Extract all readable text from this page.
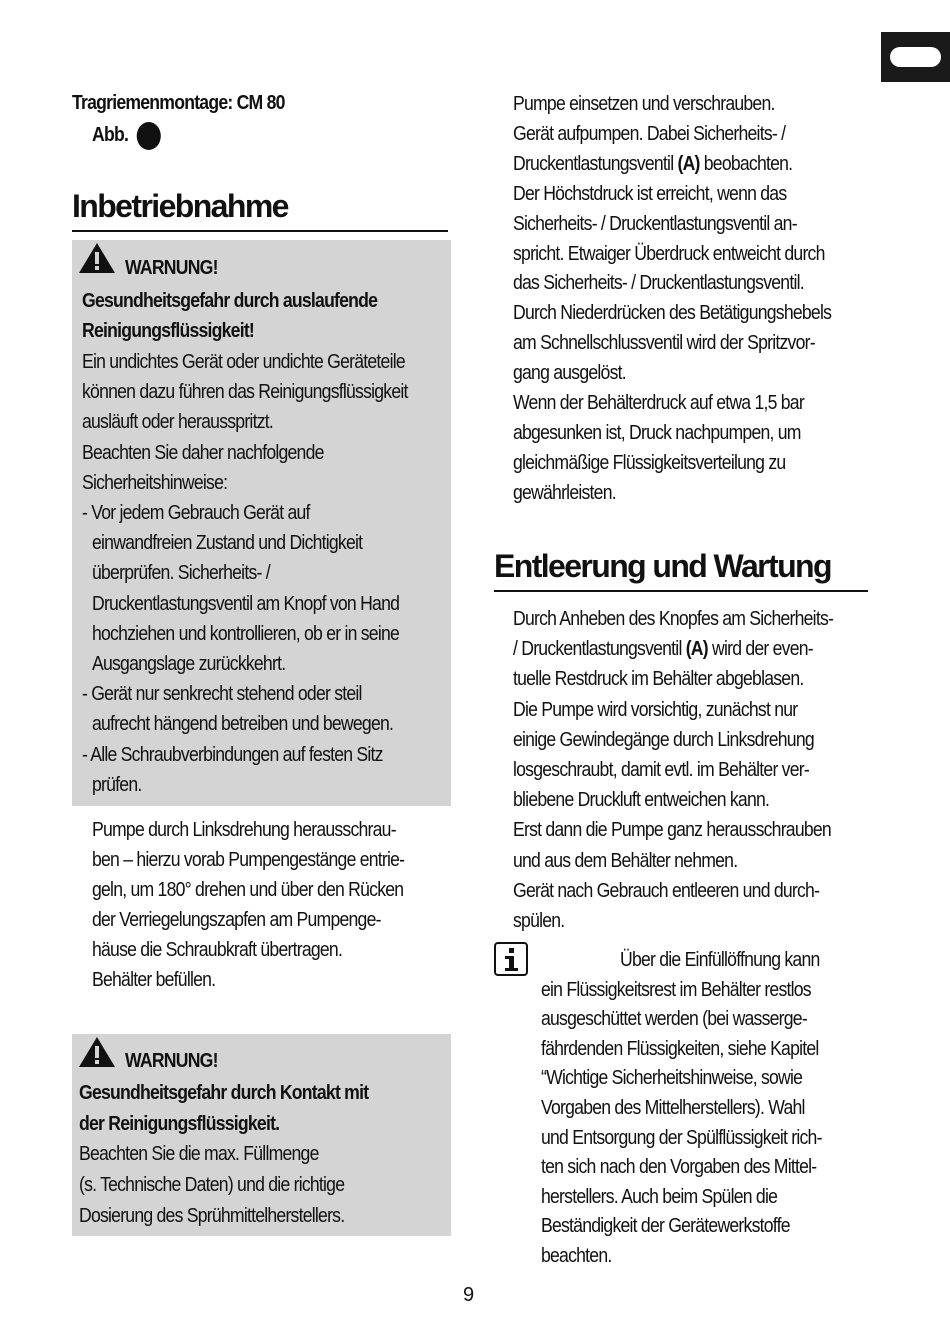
Tragriemenmontage: CM 80
Abb.
Inbetriebnahme
WARNUNG!
Gesundheitsgefahr durch auslaufende
Reinigungsflüssigkeit!
Ein undichtes Gerät oder undichte Geräteteile
können dazu führen das Reinigungsflüssigkeit
ausläuft oder herausspritzt.
Beachten Sie daher nachfolgende
Sicherheitshinweise:
- Vor jedem Gebrauch Gerät auf
einwandfreien Zustand und Dichtigkeit
überprüfen. Sicherheits- /
Druckentlastungsventil am Knopf von Hand
hochziehen und kontrollieren, ob er in seine
Ausgangslage zurückkehrt.
- Gerät nur senkrecht stehend oder steil
aufrecht hängend betreiben und bewegen.
- Alle Schraubverbindungen auf festen Sitz
prüfen.
Pumpe durch Linksdrehung herausschrau-
ben – hierzu vorab Pumpengestänge entrie-
geln, um 180° drehen und über den Rücken
der Verriegelungszapfen am Pumpenge-
häuse die Schraubkraft übertragen.
Behälter befüllen.
WARNUNG!
Gesundheitsgefahr durch Kontakt mit
der Reinigungsflüssigkeit.
Beachten Sie die max. Füllmenge
(s. Technische Daten) und die richtige
Dosierung des Sprühmittelherstellers.
Pumpe einsetzen und verschrauben.
Gerät aufpumpen. Dabei Sicherheits- /
Druckentlastungsventil (A) beobachten.
Der Höchstdruck ist erreicht, wenn das
Sicherheits- / Druckentlastungsventil an-
spricht. Etwaiger Überdruck entweicht durch
das Sicherheits- / Druckentlastungsventil.
Durch Niederdrücken des Betätigungshebels
am Schnellschlussventil wird der Spritzvor-
gang ausgelöst.
Wenn der Behälterdruck auf etwa 1,5 bar
abgesunken ist, Druck nachpumpen, um
gleichmäßige Flüssigkeitsverteilung zu
gewährleisten.
Entleerung und Wartung
Durch Anheben des Knopfes am Sicherheits-
/ Druckentlastungsventil (A) wird der even-
tuelle Restdruck im Behälter abgeblasen.
Die Pumpe wird vorsichtig, zunächst nur
einige Gewindegänge durch Linksdrehung
losgeschraubt, damit evtl. im Behälter ver-
bliebene Druckluft entweichen kann.
Erst dann die Pumpe ganz herausschrauben
und aus dem Behälter nehmen.
Gerät nach Gebrauch entleeren und durch-
spülen.
Über die Einfüllöffnung kann
ein Flüssigkeitsrest im Behälter restlos
ausgeschüttet werden (bei wasserge-
fährdenden Flüssigkeiten, siehe Kapitel
“Wichtige Sicherheitshinweise, sowie
Vorgaben des Mittelherstellers). Wahl
und Entsorgung der Spülflüssigkeit rich-
ten sich nach den Vorgaben des Mittel-
herstellers. Auch beim Spülen die
Beständigkeit der Gerätewerkstoffe
beachten.
9
